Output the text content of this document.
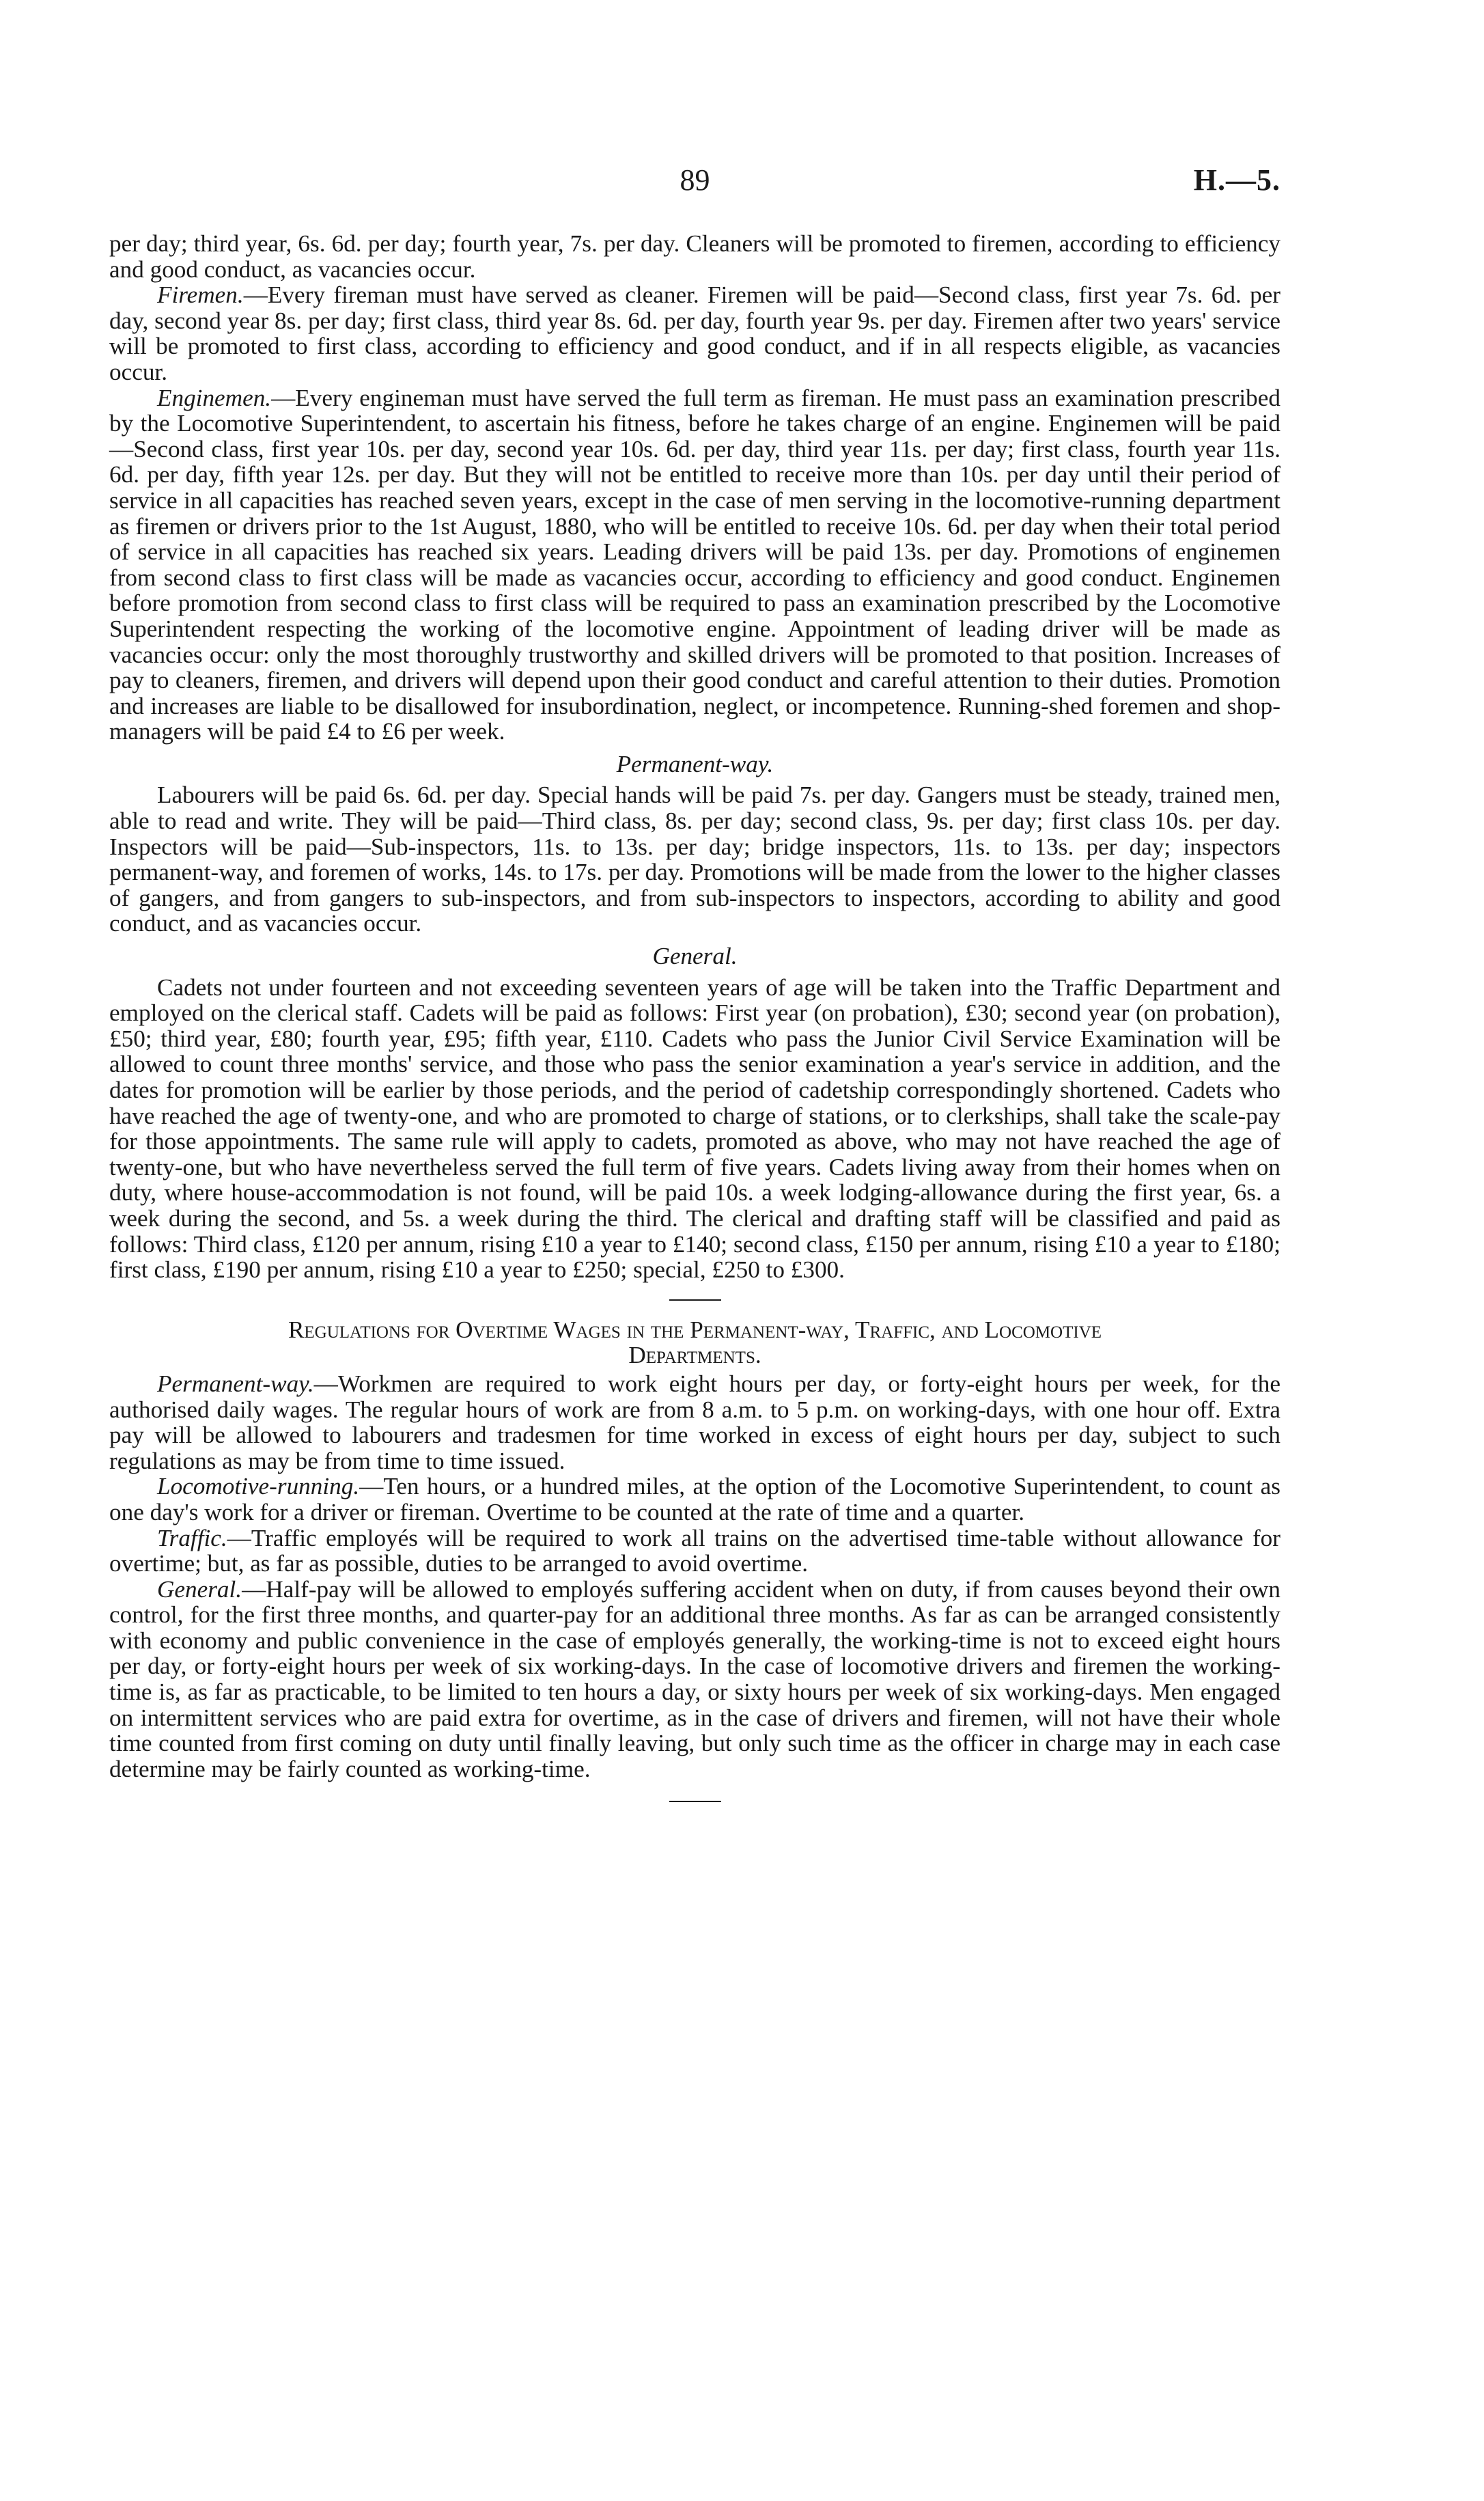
89	H.—5.

per day; third year, 6s. 6d. per day; fourth year, 7s. per day. Cleaners will be promoted to firemen, according to efficiency and good conduct, as vacancies occur.

Firemen.—Every fireman must have served as cleaner. Firemen will be paid—Second class, first year 7s. 6d. per day, second year 8s. per day; first class, third year 8s. 6d. per day, fourth year 9s. per day. Firemen after two years' service will be promoted to first class, according to efficiency and good conduct, and if in all respects eligible, as vacancies occur.

Enginemen.—Every engineman must have served the full term as fireman. He must pass an examination prescribed by the Locomotive Superintendent, to ascertain his fitness, before he takes charge of an engine. Enginemen will be paid—Second class, first year 10s. per day, second year 10s. 6d. per day, third year 11s. per day; first class, fourth year 11s. 6d. per day, fifth year 12s. per day. But they will not be entitled to receive more than 10s. per day until their period of service in all capacities has reached seven years, except in the case of men serving in the locomotive-running department as firemen or drivers prior to the 1st August, 1880, who will be entitled to receive 10s. 6d. per day when their total period of service in all capacities has reached six years. Leading drivers will be paid 13s. per day. Promotions of enginemen from second class to first class will be made as vacancies occur, according to efficiency and good conduct. Enginemen before promotion from second class to first class will be required to pass an examination prescribed by the Locomotive Superintendent respecting the working of the locomotive engine. Appointment of leading driver will be made as vacancies occur: only the most thoroughly trustworthy and skilled drivers will be promoted to that position. Increases of pay to cleaners, firemen, and drivers will depend upon their good conduct and careful attention to their duties. Promotion and increases are liable to be disallowed for insubordination, neglect, or incompetence. Running-shed foremen and shop-managers will be paid £4 to £6 per week.

Permanent-way.

Labourers will be paid 6s. 6d. per day. Special hands will be paid 7s. per day. Gangers must be steady, trained men, able to read and write. They will be paid—Third class, 8s. per day; second class, 9s. per day; first class 10s. per day. Inspectors will be paid—Sub-inspectors, 11s. to 13s. per day; bridge inspectors, 11s. to 13s. per day; inspectors permanent-way, and foremen of works, 14s. to 17s. per day. Promotions will be made from the lower to the higher classes of gangers, and from gangers to sub-inspectors, and from sub-inspectors to inspectors, according to ability and good conduct, and as vacancies occur.

General.

Cadets not under fourteen and not exceeding seventeen years of age will be taken into the Traffic Department and employed on the clerical staff. Cadets will be paid as follows: First year (on probation), £30; second year (on probation), £50; third year, £80; fourth year, £95; fifth year, £110. Cadets who pass the Junior Civil Service Examination will be allowed to count three months' service, and those who pass the senior examination a year's service in addition, and the dates for promotion will be earlier by those periods, and the period of cadetship correspondingly shortened. Cadets who have reached the age of twenty-one, and who are promoted to charge of stations, or to clerkships, shall take the scale-pay for those appointments. The same rule will apply to cadets, promoted as above, who may not have reached the age of twenty-one, but who have nevertheless served the full term of five years. Cadets living away from their homes when on duty, where house-accommodation is not found, will be paid 10s. a week lodging-allowance during the first year, 6s. a week during the second, and 5s. a week during the third. The clerical and drafting staff will be classified and paid as follows: Third class, £120 per annum, rising £10 a year to £140; second class, £150 per annum, rising £10 a year to £180; first class, £190 per annum, rising £10 a year to £250; special, £250 to £300.

Regulations for Overtime Wages in the Permanent-way, Traffic, and Locomotive
Departments.

Permanent-way.—Workmen are required to work eight hours per day, or forty-eight hours per week, for the authorised daily wages. The regular hours of work are from 8 a.m. to 5 p.m. on working-days, with one hour off. Extra pay will be allowed to labourers and tradesmen for time worked in excess of eight hours per day, subject to such regulations as may be from time to time issued.

Locomotive-running.—Ten hours, or a hundred miles, at the option of the Locomotive Superintendent, to count as one day's work for a driver or fireman. Overtime to be counted at the rate of time and a quarter.

Traffic.—Traffic employés will be required to work all trains on the advertised time-table without allowance for overtime; but, as far as possible, duties to be arranged to avoid overtime.

General.—Half-pay will be allowed to employés suffering accident when on duty, if from causes beyond their own control, for the first three months, and quarter-pay for an additional three months. As far as can be arranged consistently with economy and public convenience in the case of employés generally, the working-time is not to exceed eight hours per day, or forty-eight hours per week of six working-days. In the case of locomotive drivers and firemen the working-time is, as far as practicable, to be limited to ten hours a day, or sixty hours per week of six working-days. Men engaged on intermittent services who are paid extra for overtime, as in the case of drivers and firemen, will not have their whole time counted from first coming on duty until finally leaving, but only such time as the officer in charge may in each case determine may be fairly counted as working-time.
